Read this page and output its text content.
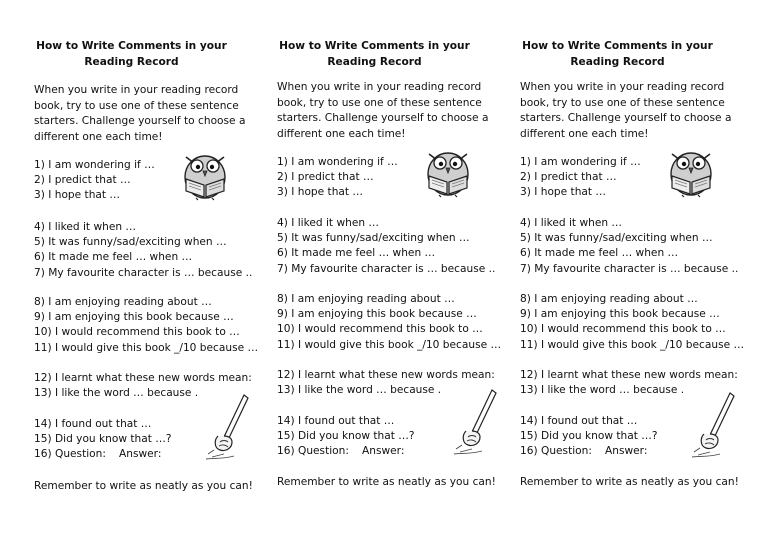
How to Write Comments in your
Reading Record
When you write in your reading record
book, try to use one of these sentence
starters. Challenge yourself to choose a
different one each time!
1) I am wondering if …
2) I predict that …
3) I hope that …
4) I liked it when …
5) It was funny/sad/exciting when …
6) It made me feel … when …
7) My favourite character is … because ..
8) I am enjoying reading about …
9) I am enjoying this book because …
10) I would recommend this book to …
11) I would give this book _/10 because …
12) I learnt what these new words mean:
13) I like the word … because .
14) I found out that …
15) Did you know that …?
16) Question: Answer:
Remember to write as neatly as you can!
How to Write Comments in your
Reading Record
When you write in your reading record
book, try to use one of these sentence
starters. Challenge yourself to choose a
different one each time!
1) I am wondering if …
2) I predict that …
3) I hope that …
4) I liked it when …
5) It was funny/sad/exciting when …
6) It made me feel … when …
7) My favourite character is … because ..
8) I am enjoying reading about …
9) I am enjoying this book because …
10) I would recommend this book to …
11) I would give this book _/10 because …
12) I learnt what these new words mean:
13) I like the word … because .
14) I found out that …
15) Did you know that …?
16) Question: Answer:
Remember to write as neatly as you can!
How to Write Comments in your
Reading Record
When you write in your reading record
book, try to use one of these sentence
starters. Challenge yourself to choose a
different one each time!
1) I am wondering if …
2) I predict that …
3) I hope that …
4) I liked it when …
5) It was funny/sad/exciting when …
6) It made me feel … when …
7) My favourite character is … because ..
8) I am enjoying reading about …
9) I am enjoying this book because …
10) I would recommend this book to …
11) I would give this book _/10 because …
12) I learnt what these new words mean:
13) I like the word … because .
14) I found out that …
15) Did you know that …?
16) Question: Answer:
Remember to write as neatly as you can!
